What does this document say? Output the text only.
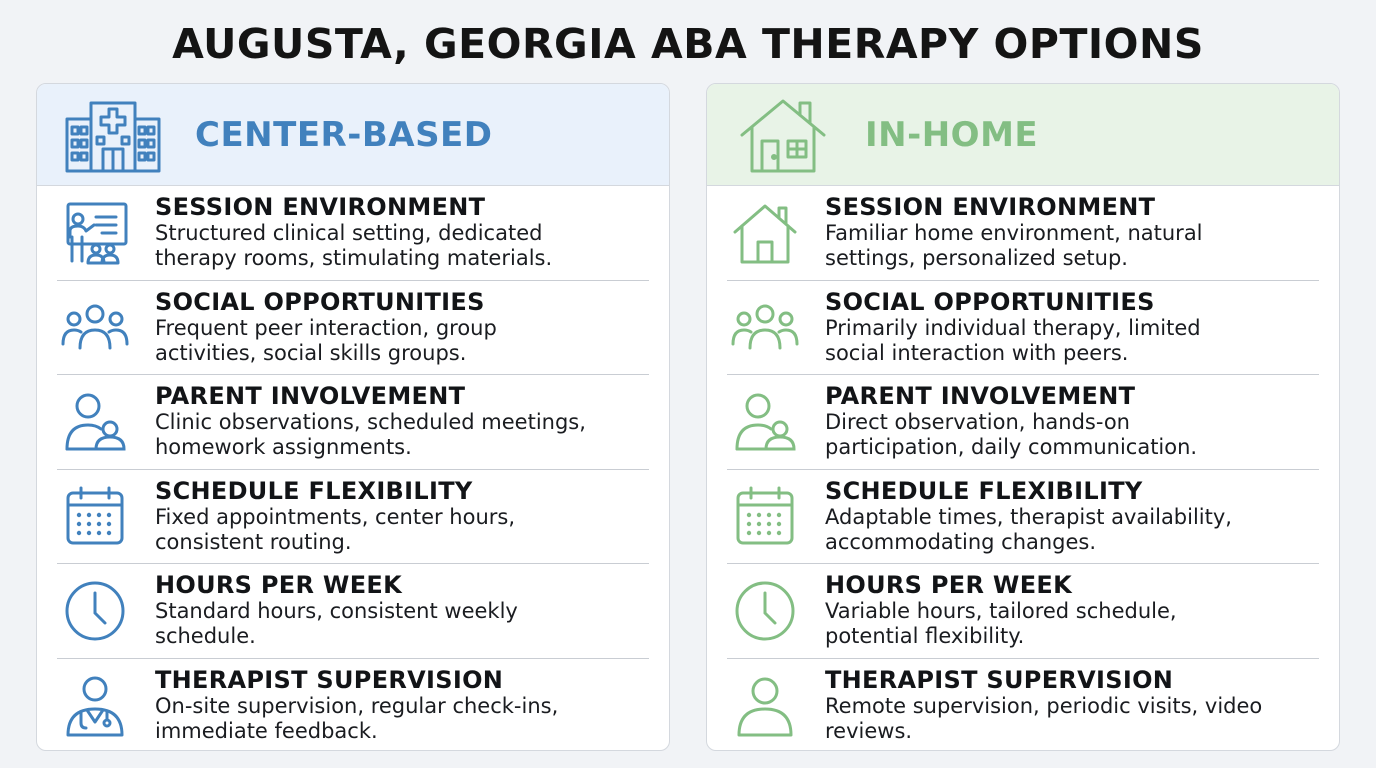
AUGUSTA, GEORGIA ABA THERAPY OPTIONS
CENTER-BASED
SESSION ENVIRONMENT
Structured clinical setting, dedicated
therapy rooms, stimulating materials.
SOCIAL OPPORTUNITIES
Frequent peer interaction, group
activities, social skills groups.
PARENT INVOLVEMENT
Clinic observations, scheduled meetings,
homework assignments.
SCHEDULE FLEXIBILITY
Fixed appointments, center hours,
consistent routing.
HOURS PER WEEK
Standard hours, consistent weekly
schedule.
THERAPIST SUPERVISION
On-site supervision, regular check-ins,
immediate feedback.
IN-HOME
SESSION ENVIRONMENT
Familiar home environment, natural
settings, personalized setup.
SOCIAL OPPORTUNITIES
Primarily individual therapy, limited
social interaction with peers.
PARENT INVOLVEMENT
Direct observation, hands-on
participation, daily communication.
SCHEDULE FLEXIBILITY
Adaptable times, therapist availability,
accommodating changes.
HOURS PER WEEK
Variable hours, tailored schedule,
potential flexibility.
THERAPIST SUPERVISION
Remote supervision, periodic visits, video
reviews.
